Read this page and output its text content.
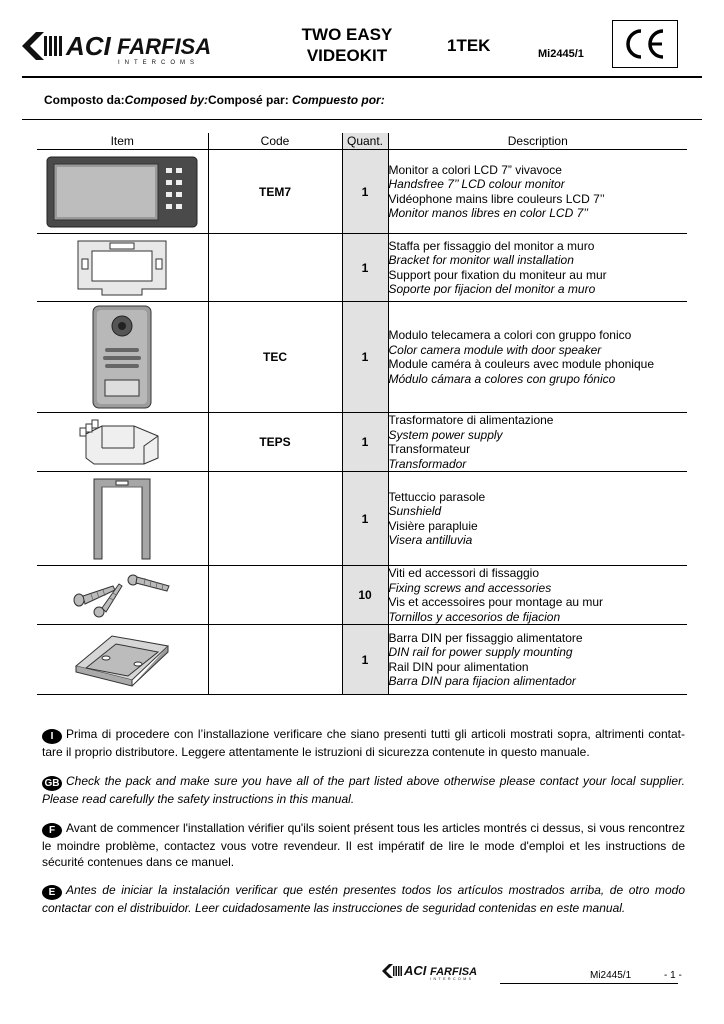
ACI FARFISA
INTERCOMS
TWO EASY
VIDEOKIT
1TEK	Mi2445/1
Composto da:Composed by:Composé par: Compuesto por:
Item	Code	Quant.	Description

	TEM7	1	Monitor a colori LCD 7” vivavoce
Handsfree 7’’ LCD colour monitor
Vidéophone mains libre couleurs LCD 7’’
Monitor manos libres en color LCD 7’’

		1	Staffa per fissaggio del monitor a muro
Bracket for monitor wall installation
Support pour fixation du moniteur au mur
Soporte por fijacion del monitor a muro

	TEC	1	Modulo telecamera a colori con gruppo fonico
Color camera module with door speaker
Module caméra à couleurs avec module phonique
Módulo cámara a colores con grupo fónico

	TEPS	1	Trasformatore di alimentazione
System power supply
Transformateur
Transformador

		1	Tettuccio parasole
Sunshield
Visière parapluie
Visera antilluvia

		10	Viti ed accessori di fissaggio
Fixing screws and accessories
Vis et accessoires pour montage au mur
Tornillos y accesorios de fijacion

		1	Barra DIN per fissaggio alimentatore
DIN rail for power supply mounting
Rail DIN pour alimentation
Barra DIN para fijacion alimentador
I Prima di procedere con l’installazione verificare che siano presenti tutti gli articoli mostrati sopra, altrimenti contat-tare il proprio distributore. Leggere attentamente le istruzioni di sicurezza contenute in questo manuale.
GB Check the pack and make sure you have all of the part listed above otherwise please contact your local supplier. Please read carefully the safety instructions in this manual.
F Avant de commencer l'installation vérifier qu'ils soient présent tous les articles montrés ci dessus, si vous rencontrez le moindre problème, contactez vous votre revendeur. Il est impératif de lire le mode d'emploi et les instructions de sécurité contenues dans ce manuel.
E Antes de iniciar la instalación verificar que estén presentes todos los artículos mostrados arriba, de otro modo contactar con el distribuidor. Leer cuidadosamente las instrucciones de seguridad contenidas en este manual.
ACI FARFISA
INTERCOMS	Mi2445/1	- 1 -
